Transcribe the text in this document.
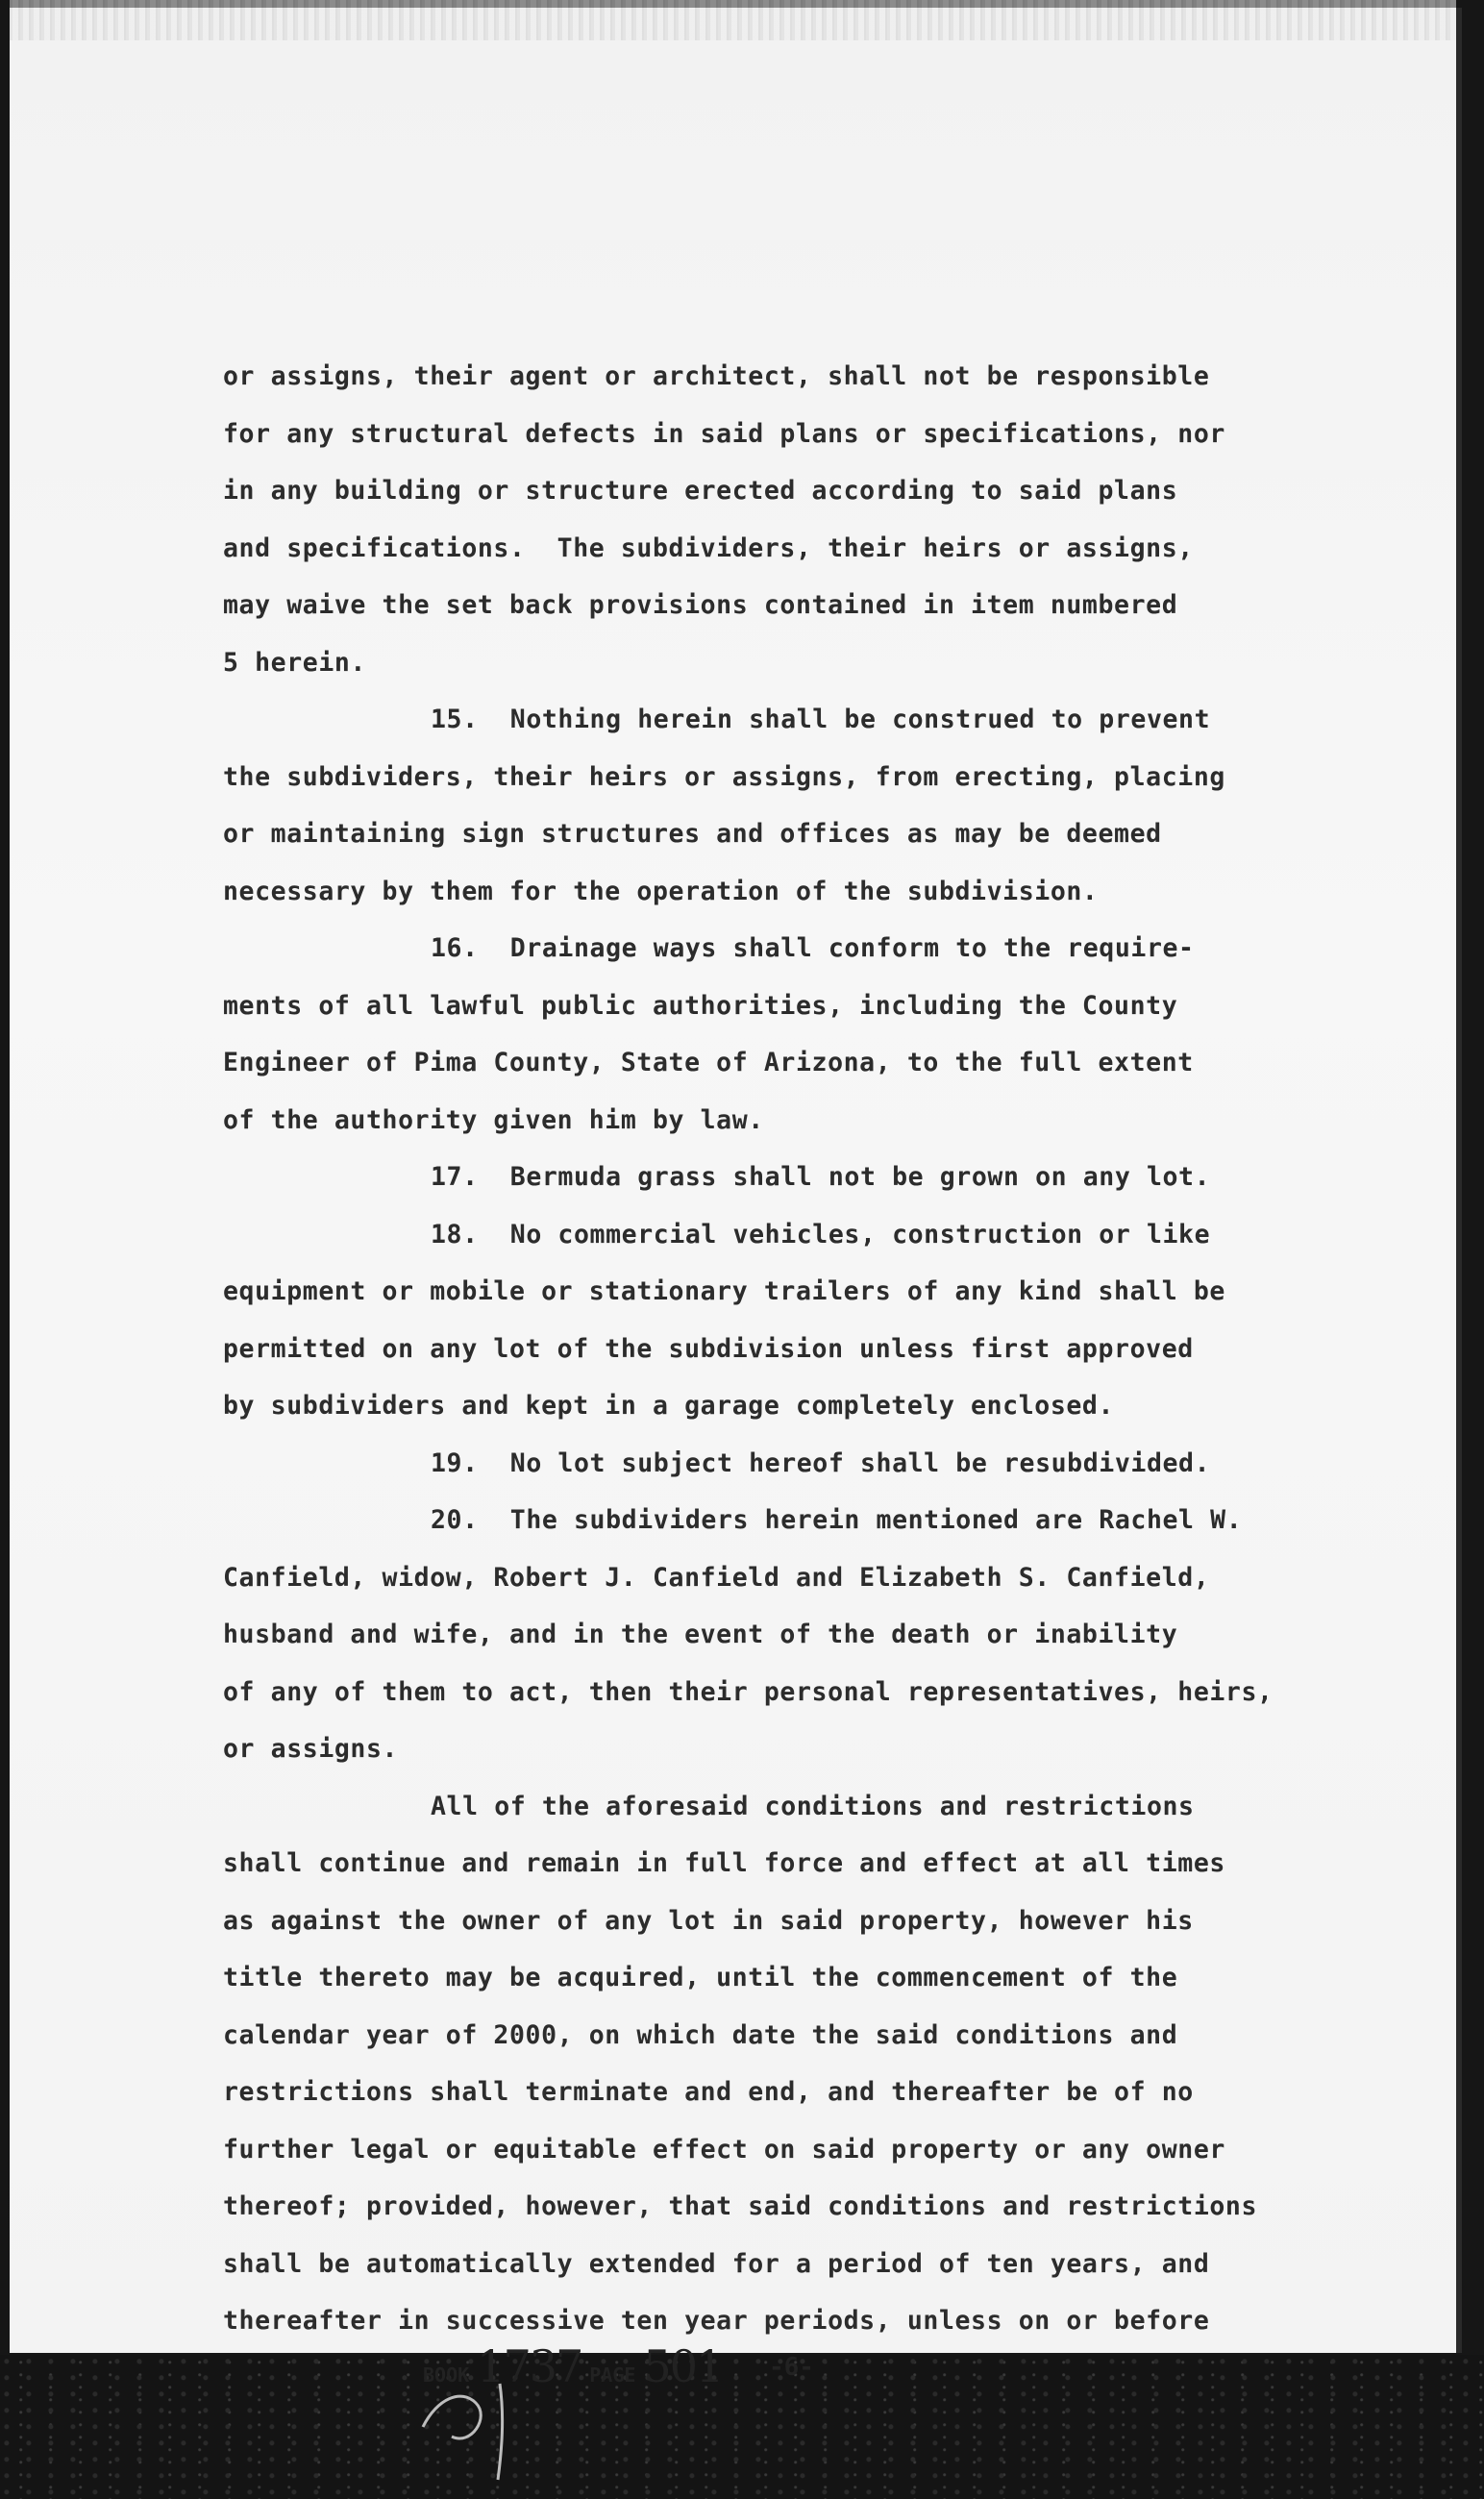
or assigns, their agent or architect, shall not be responsible
for any structural defects in said plans or specifications, nor
in any building or structure erected according to said plans
and specifications.  The subdividers, their heirs or assigns,
may waive the set back provisions contained in item numbered
5 herein.
15.  Nothing herein shall be construed to prevent
the subdividers, their heirs or assigns, from erecting, placing
or maintaining sign structures and offices as may be deemed
necessary by them for the operation of the subdivision.
16.  Drainage ways shall conform to the require-
ments of all lawful public authorities, including the County
Engineer of Pima County, State of Arizona, to the full extent
of the authority given him by law.
17.  Bermuda grass shall not be grown on any lot.
18.  No commercial vehicles, construction or like
equipment or mobile or stationary trailers of any kind shall be
permitted on any lot of the subdivision unless first approved
by subdividers and kept in a garage completely enclosed.
19.  No lot subject hereof shall be resubdivided.
20.  The subdividers herein mentioned are Rachel W.
Canfield, widow, Robert J. Canfield and Elizabeth S. Canfield,
husband and wife, and in the event of the death or inability
of any of them to act, then their personal representatives, heirs,
or assigns.
All of the aforesaid conditions and restrictions
shall continue and remain in full force and effect at all times
as against the owner of any lot in said property, however his
title thereto may be acquired, until the commencement of the
calendar year of 2000, on which date the said conditions and
restrictions shall terminate and end, and thereafter be of no
further legal or equitable effect on said property or any owner
thereof; provided, however, that said conditions and restrictions
shall be automatically extended for a period of ten years, and
thereafter in successive ten year periods, unless on or before
BOOK 1737 PAGE 501 -6-
